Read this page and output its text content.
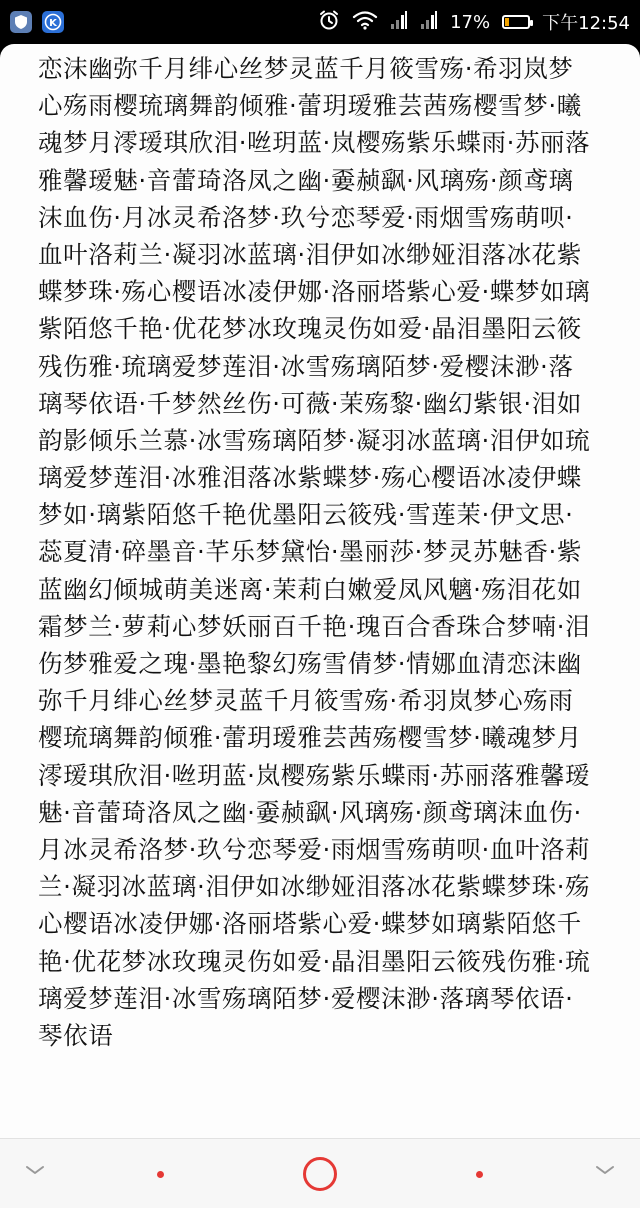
K	17%	下午12:54
恋沫幽弥千月绯心丝梦灵蓝千月筱雪殇·希羽岚梦
心殇雨樱琉璃舞韵倾雅·蕾玥瑷雅芸茜殇樱雪梦·曦
魂梦月澪瑷琪欣泪·咝玥蓝·岚樱殇紫乐蝶雨·苏丽落
雅馨瑷魅·音蕾琦洛凤之幽·嫑赪飖·风璃殇·颜鸢璃
沫血伤·月冰灵希洛梦·玖兮恋琴爱·雨烟雪殇萌呗·
血叶洛莉兰·凝羽冰蓝璃·泪伊如冰缈娅泪落冰花紫
蝶梦珠·殇心樱语冰凌伊娜·洛丽塔紫心爱·蝶梦如璃
紫陌悠千艳·优花梦冰玫瑰灵伤如爱·晶泪墨阳云筱
残伤雅·琉璃爱梦莲泪·冰雪殇璃陌梦·爱樱沫渺·落
璃琴依语·千梦然丝伤·可薇·茉殇黎·幽幻紫银·泪如
韵影倾乐兰慕·冰雪殇璃陌梦·凝羽冰蓝璃·泪伊如琉
璃爱梦莲泪·冰雅泪落冰紫蝶梦·殇心樱语冰凌伊蝶
梦如·璃紫陌悠千艳优墨阳云筱残·雪莲茉·伊文思·
蕊夏清·碎墨音·芊乐梦黛怡·墨丽莎·梦灵苏魅香·紫
蓝幽幻倾城萌美迷离·茉莉白嫩爱凤风魑·殇泪花如
霜梦兰·萝莉心梦妖丽百千艳·瑰百合香珠合梦喃·泪
伤梦雅爱之瑰·墨艳黎幻殇雪倩梦·情娜血清恋沫幽
弥千月绯心丝梦灵蓝千月筱雪殇·希羽岚梦心殇雨
樱琉璃舞韵倾雅·蕾玥瑷雅芸茜殇樱雪梦·曦魂梦月
澪瑷琪欣泪·咝玥蓝·岚樱殇紫乐蝶雨·苏丽落雅馨瑷
魅·音蕾琦洛凤之幽·嫑赪飖·风璃殇·颜鸢璃沫血伤·
月冰灵希洛梦·玖兮恋琴爱·雨烟雪殇萌呗·血叶洛莉
兰·凝羽冰蓝璃·泪伊如冰缈娅泪落冰花紫蝶梦珠·殇
心樱语冰凌伊娜·洛丽塔紫心爱·蝶梦如璃紫陌悠千
艳·优花梦冰玫瑰灵伤如爱·晶泪墨阳云筱残伤雅·琉
璃爱梦莲泪·冰雪殇璃陌梦·爱樱沫渺·落璃琴依语·
琴依语
